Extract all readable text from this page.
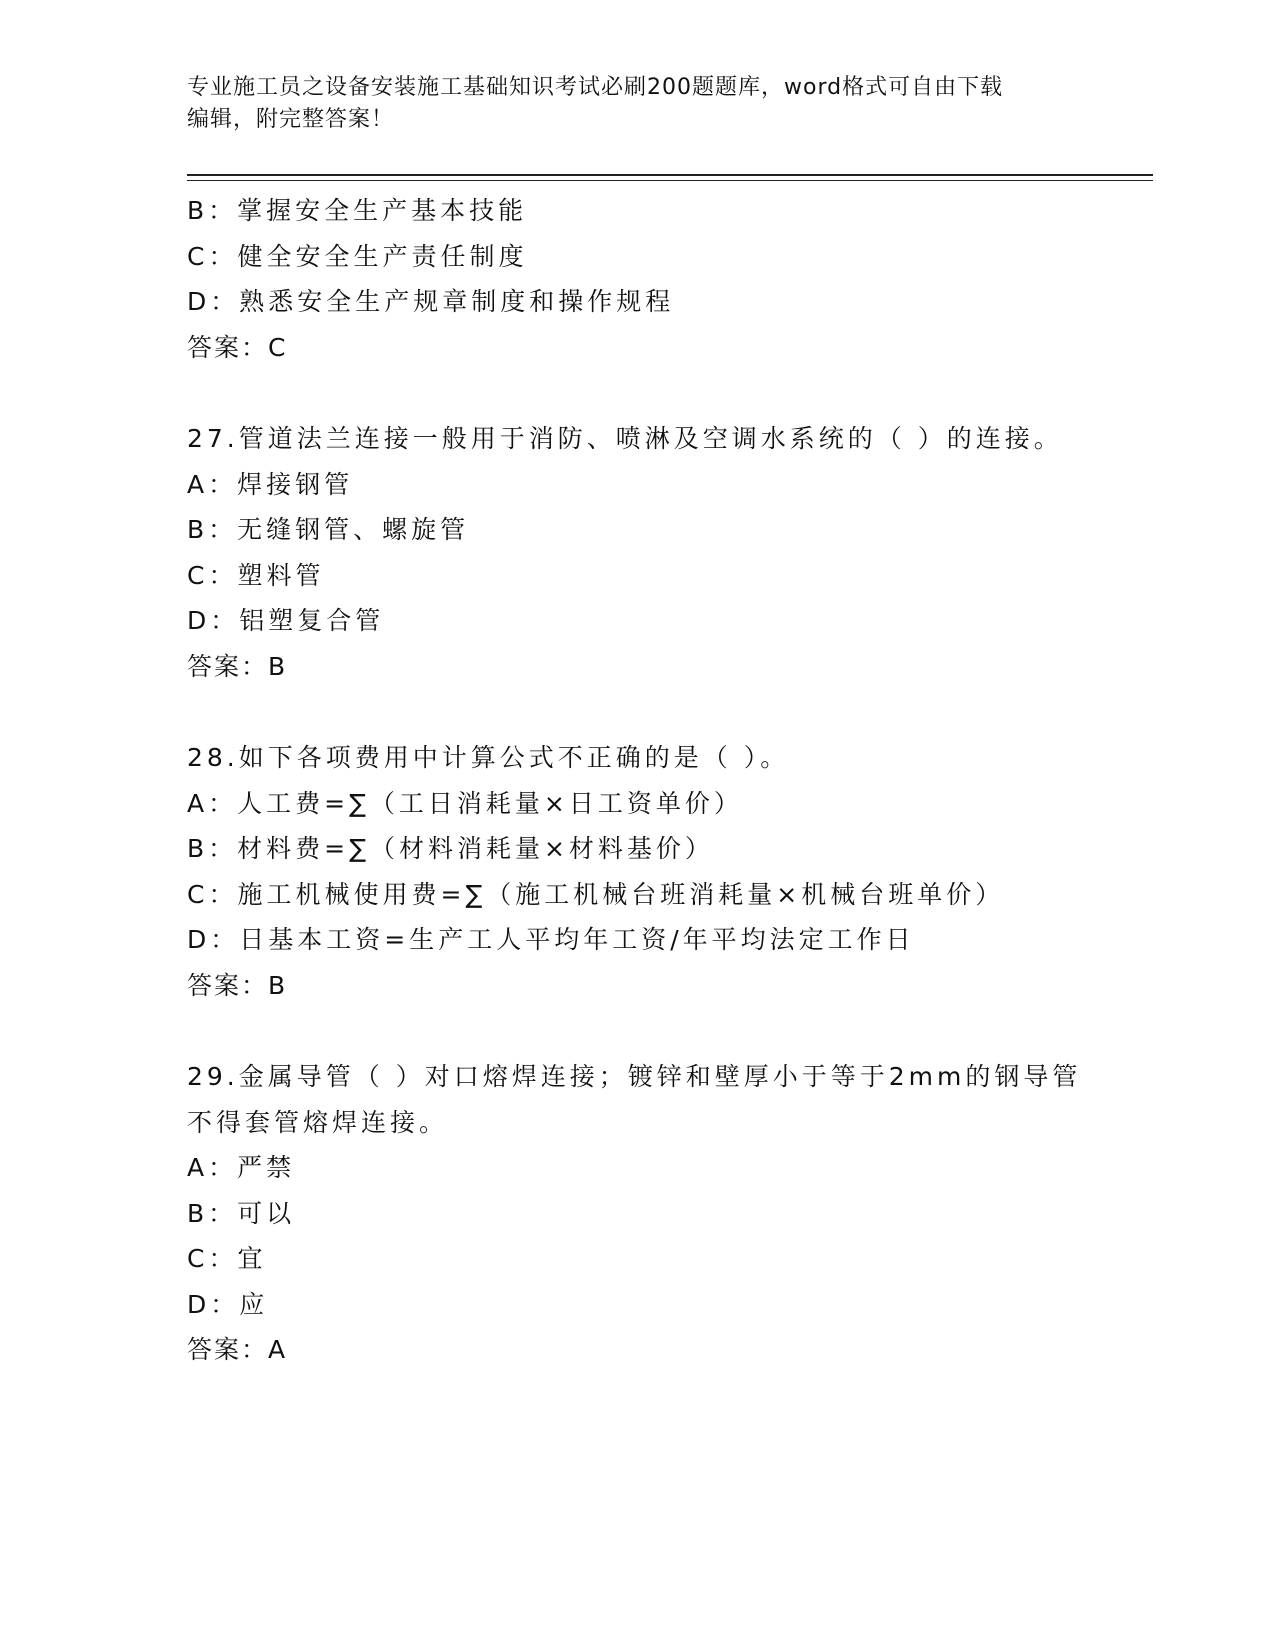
专业施工员之设备安装施工基础知识考试必刷200题题库，word格式可自由下载
编辑，附完整答案！
B：掌握安全生产基本技能
C：健全安全生产责任制度
D：熟悉安全生产规章制度和操作规程
答案：C
27.管道法兰连接一般用于消防、喷淋及空调水系统的（ ）的连接。
A：焊接钢管
B：无缝钢管、螺旋管
C：塑料管
D：铝塑复合管
答案：B
28.如下各项费用中计算公式不正确的是（ ）。
A：人工费=∑（工日消耗量×日工资单价）
B：材料费=∑（材料消耗量×材料基价）
C：施工机械使用费=∑（施工机械台班消耗量×机械台班单价）
D：日基本工资=生产工人平均年工资/年平均法定工作日
答案：B
29.金属导管（ ）对口熔焊连接；镀锌和壁厚小于等于2mm的钢导管
不得套管熔焊连接。
A：严禁
B：可以
C：宜
D：应
答案：A
